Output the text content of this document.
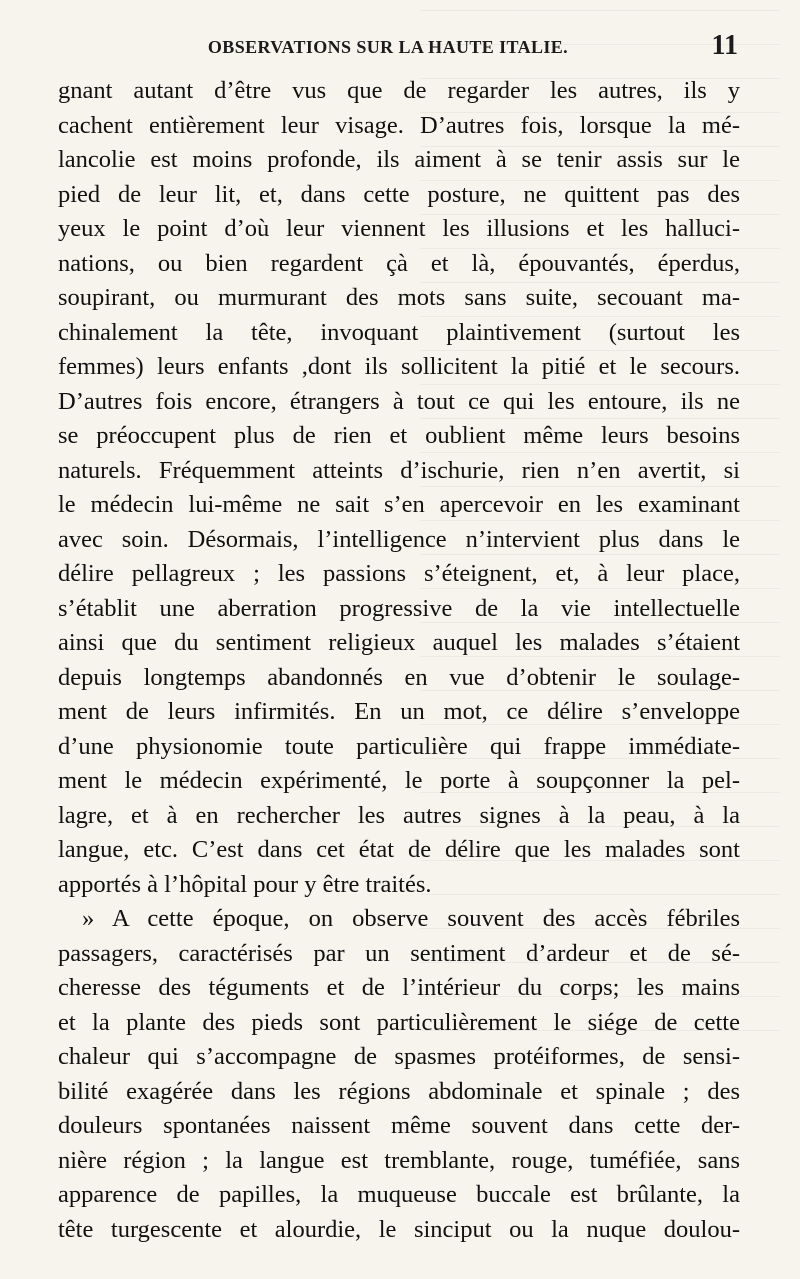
OBSERVATIONS SUR LA HAUTE ITALIE.	11
gnant autant d’être vus que de regarder les autres, ils y
cachent entièrement leur visage. D’autres fois, lorsque la mé-
lancolie est moins profonde, ils aiment à se tenir assis sur le
pied de leur lit, et, dans cette posture, ne quittent pas des
yeux le point d’où leur viennent les illusions et les halluci-
nations, ou bien regardent çà et là, épouvantés, éperdus,
soupirant, ou murmurant des mots sans suite, secouant ma-
chinalement la tête, invoquant plaintivement (surtout les
femmes) leurs enfants ,dont ils sollicitent la pitié et le secours.
D’autres fois encore, étrangers à tout ce qui les entoure, ils ne
se préoccupent plus de rien et oublient même leurs besoins
naturels. Fréquemment atteints d’ischurie, rien n’en avertit, si
le médecin lui-même ne sait s’en apercevoir en les examinant
avec soin. Désormais, l’intelligence n’intervient plus dans le
délire pellagreux ; les passions s’éteignent, et, à leur place,
s’établit une aberration progressive de la vie intellectuelle
ainsi que du sentiment religieux auquel les malades s’étaient
depuis longtemps abandonnés en vue d’obtenir le soulage-
ment de leurs infirmités. En un mot, ce délire s’enveloppe
d’une physionomie toute particulière qui frappe immédiate-
ment le médecin expérimenté, le porte à soupçonner la pel-
lagre, et à en rechercher les autres signes à la peau, à la
langue, etc. C’est dans cet état de délire que les malades sont
apportés à l’hôpital pour y être traités.
» A cette époque, on observe souvent des accès fébriles
passagers, caractérisés par un sentiment d’ardeur et de sé-
cheresse des téguments et de l’intérieur du corps; les mains
et la plante des pieds sont particulièrement le siége de cette
chaleur qui s’accompagne de spasmes protéiformes, de sensi-
bilité exagérée dans les régions abdominale et spinale ; des
douleurs spontanées naissent même souvent dans cette der-
nière région ; la langue est tremblante, rouge, tuméfiée, sans
apparence de papilles, la muqueuse buccale est brûlante, la
tête turgescente et alourdie, le sinciput ou la nuque doulou-
